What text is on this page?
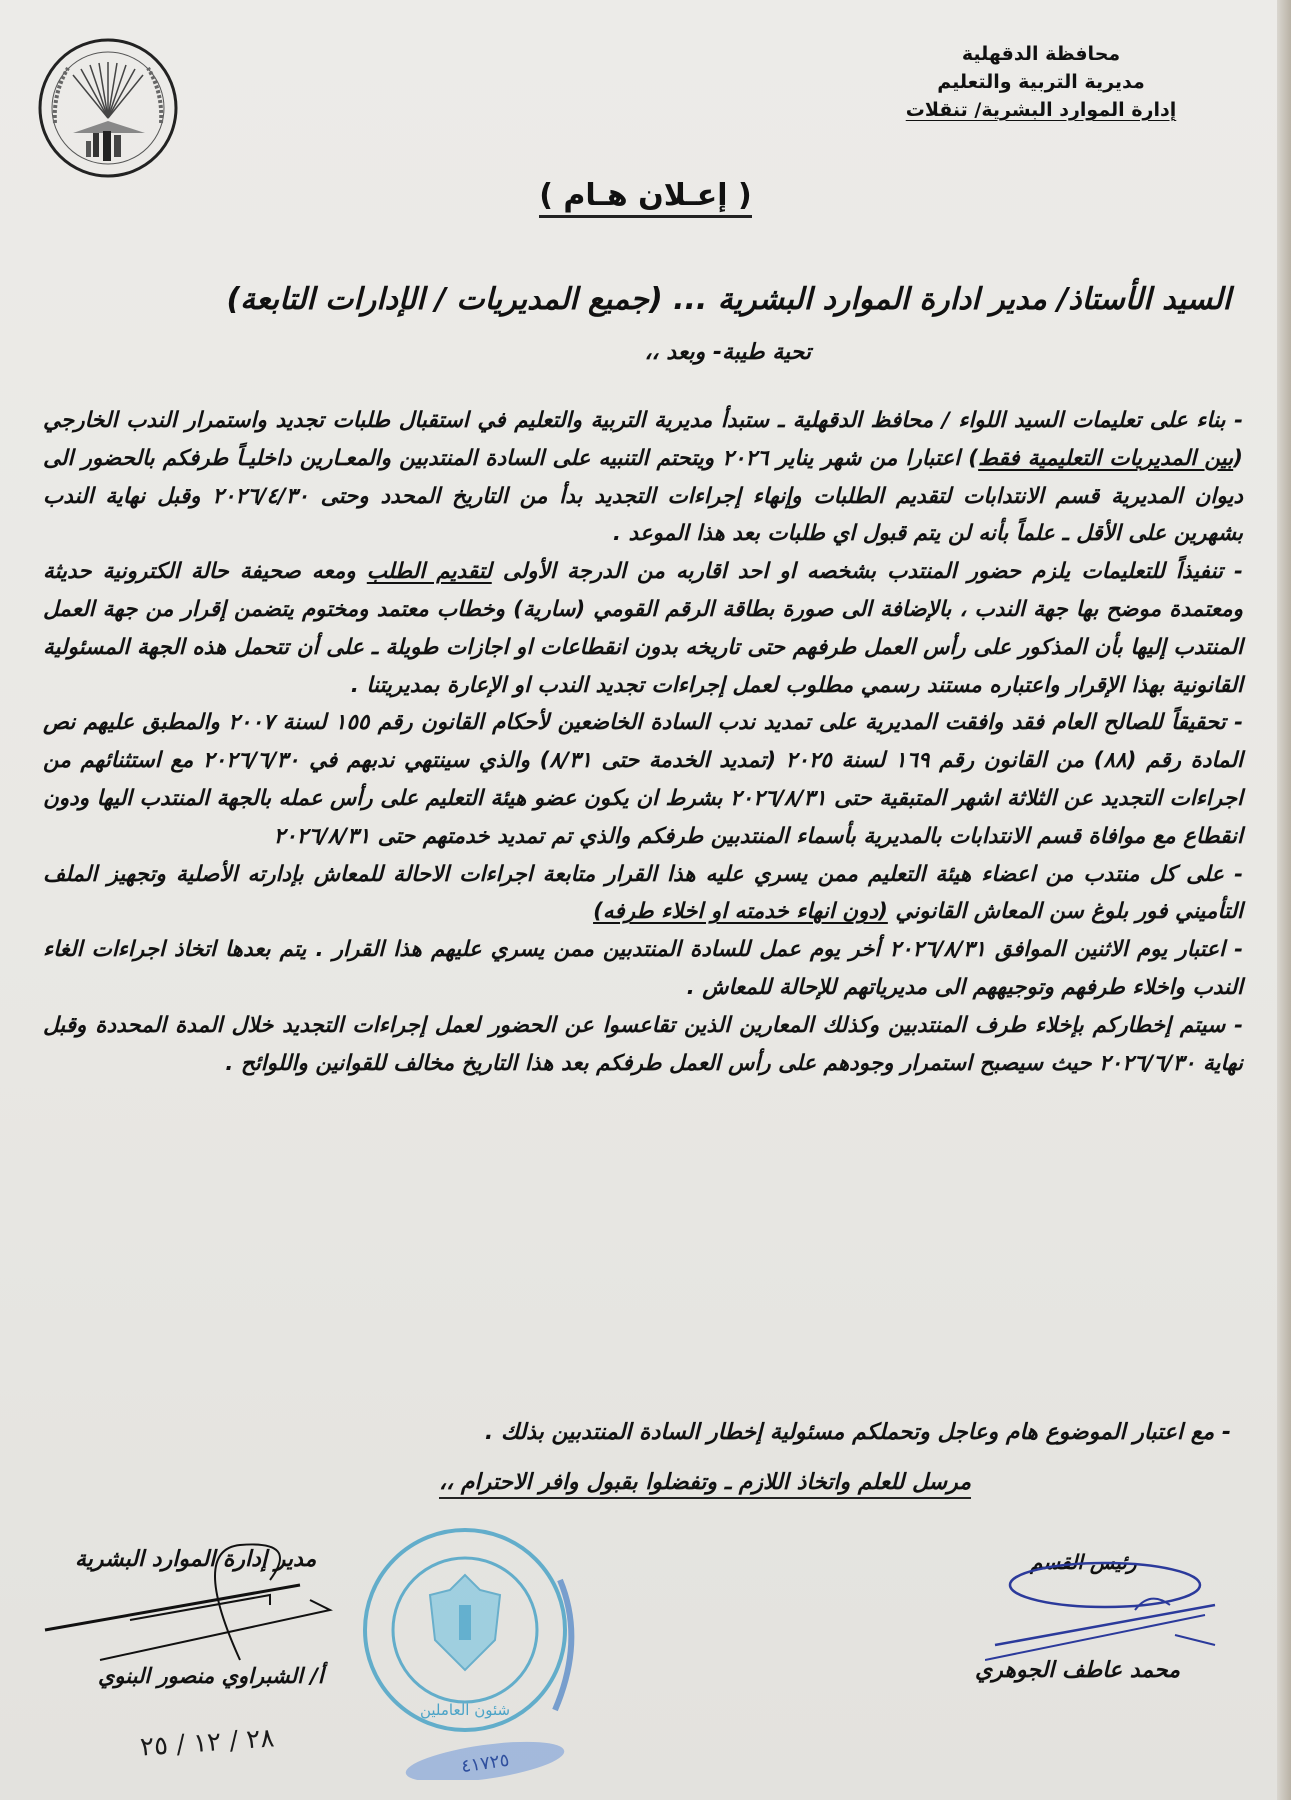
محافظة الدقهلية
مديرية التربية والتعليم
إدارة الموارد البشرية/ تنقلات
( إعـلان هـام )
السيد الأستاذ/ مدير ادارة الموارد البشرية ... (جميع المديريات / الإدارات التابعة)
تحية طيبة- وبعد ،،

- بناء على تعليمات السيد اللواء / محافظ الدقهلية ـ ستبدأ مديرية التربية والتعليم في استقبال طلبات تجديد واستمرار الندب الخارجي (بين المديريات التعليمية فقط) اعتبارا من شهر يناير ٢٠٢٦ ويتحتم التنبيه على السادة المنتدبين والمعـارين داخليـاً طرفكم بالحضور الى ديوان المديرية قسم الانتدابات لتقديم الطلبات وإنهاء إجراءات التجديد بدأ من التاريخ المحدد وحتى ٢٠٢٦/٤/٣٠ وقبل نهاية الندب بشهرين على الأقل ـ علماً بأنه لن يتم قبول اي طلبات بعد هذا الموعد .

- تنفيذاً للتعليمات يلزم حضور المنتدب بشخصه او احد اقاربه من الدرجة الأولى لتقديم الطلب ومعه صحيفة حالة الكترونية حديثة ومعتمدة موضح بها جهة الندب ، بالإضافة الى صورة بطاقة الرقم القومي (سارية) وخطاب معتمد ومختوم يتضمن إقرار من جهة العمل المنتدب إليها بأن المذكور على رأس العمل طرفهم حتى تاريخه بدون انقطاعات او اجازات طويلة ـ على أن تتحمل هذه الجهة المسئولية القانونية بهذا الإقرار واعتباره مستند رسمي مطلوب لعمل إجراءات تجديد الندب او الإعارة بمديريتنا .

- تحقيقاً للصالح العام فقد وافقت المديرية على تمديد ندب السادة الخاضعين لأحكام القانون رقم ١٥٥ لسنة ٢٠٠٧ والمطبق عليهم نص المادة رقم (٨٨) من القانون رقم ١٦٩ لسنة ٢٠٢٥ (تمديد الخدمة حتى ٨/٣١) والذي سينتهي ندبهم في ٢٠٢٦/٦/٣٠ مع استثنائهم من اجراءات التجديد عن الثلاثة اشهر المتبقية حتى ٢٠٢٦/٨/٣١ بشرط ان يكون عضو هيئة التعليم على رأس عمله بالجهة المنتدب اليها ودون انقطاع مع موافاة قسم الانتدابات بالمديرية بأسماء المنتدبين طرفكم والذي تم تمديد خدمتهم حتى ٢٠٢٦/٨/٣١

- على كل منتدب من اعضاء هيئة التعليم ممن يسري عليه هذا القرار متابعة اجراءات الاحالة للمعاش بإدارته الأصلية وتجهيز الملف التأميني فور بلوغ سن المعاش القانوني (دون انهاء خدمته او اخلاء طرفه)

- اعتبار يوم الاثنين الموافق ٢٠٢٦/٨/٣١ أخر يوم عمل للسادة المنتدبين ممن يسري عليهم هذا القرار . يتم بعدها اتخاذ اجراءات الغاء الندب واخلاء طرفهم وتوجيههم الى مديرياتهم للإحالة للمعاش .

- سيتم إخطاركم بإخلاء طرف المنتدبين وكذلك المعارين الذين تقاعسوا عن الحضور لعمل إجراءات التجديد خلال المدة المحددة وقبل نهاية ٢٠٢٦/٦/٣٠ حيث سيصبح استمرار وجودهم على رأس العمل طرفكم بعد هذا التاريخ مخالف للقوانين واللوائح .

- مع اعتبار الموضوع هام وعاجل وتحملكم مسئولية إخطار السادة المنتدبين بذلك .
مرسل للعلم واتخاذ اللازم ـ وتفضلوا بقبول وافر الاحترام ،،
شئون العاملين
٤١٧٢٥
مدير إدارة الموارد البشرية
أ/ الشبراوي منصور البنوي
٢٨ / ١٢ / ٢٥
رئيس القسم
محمد عاطف الجوهري
